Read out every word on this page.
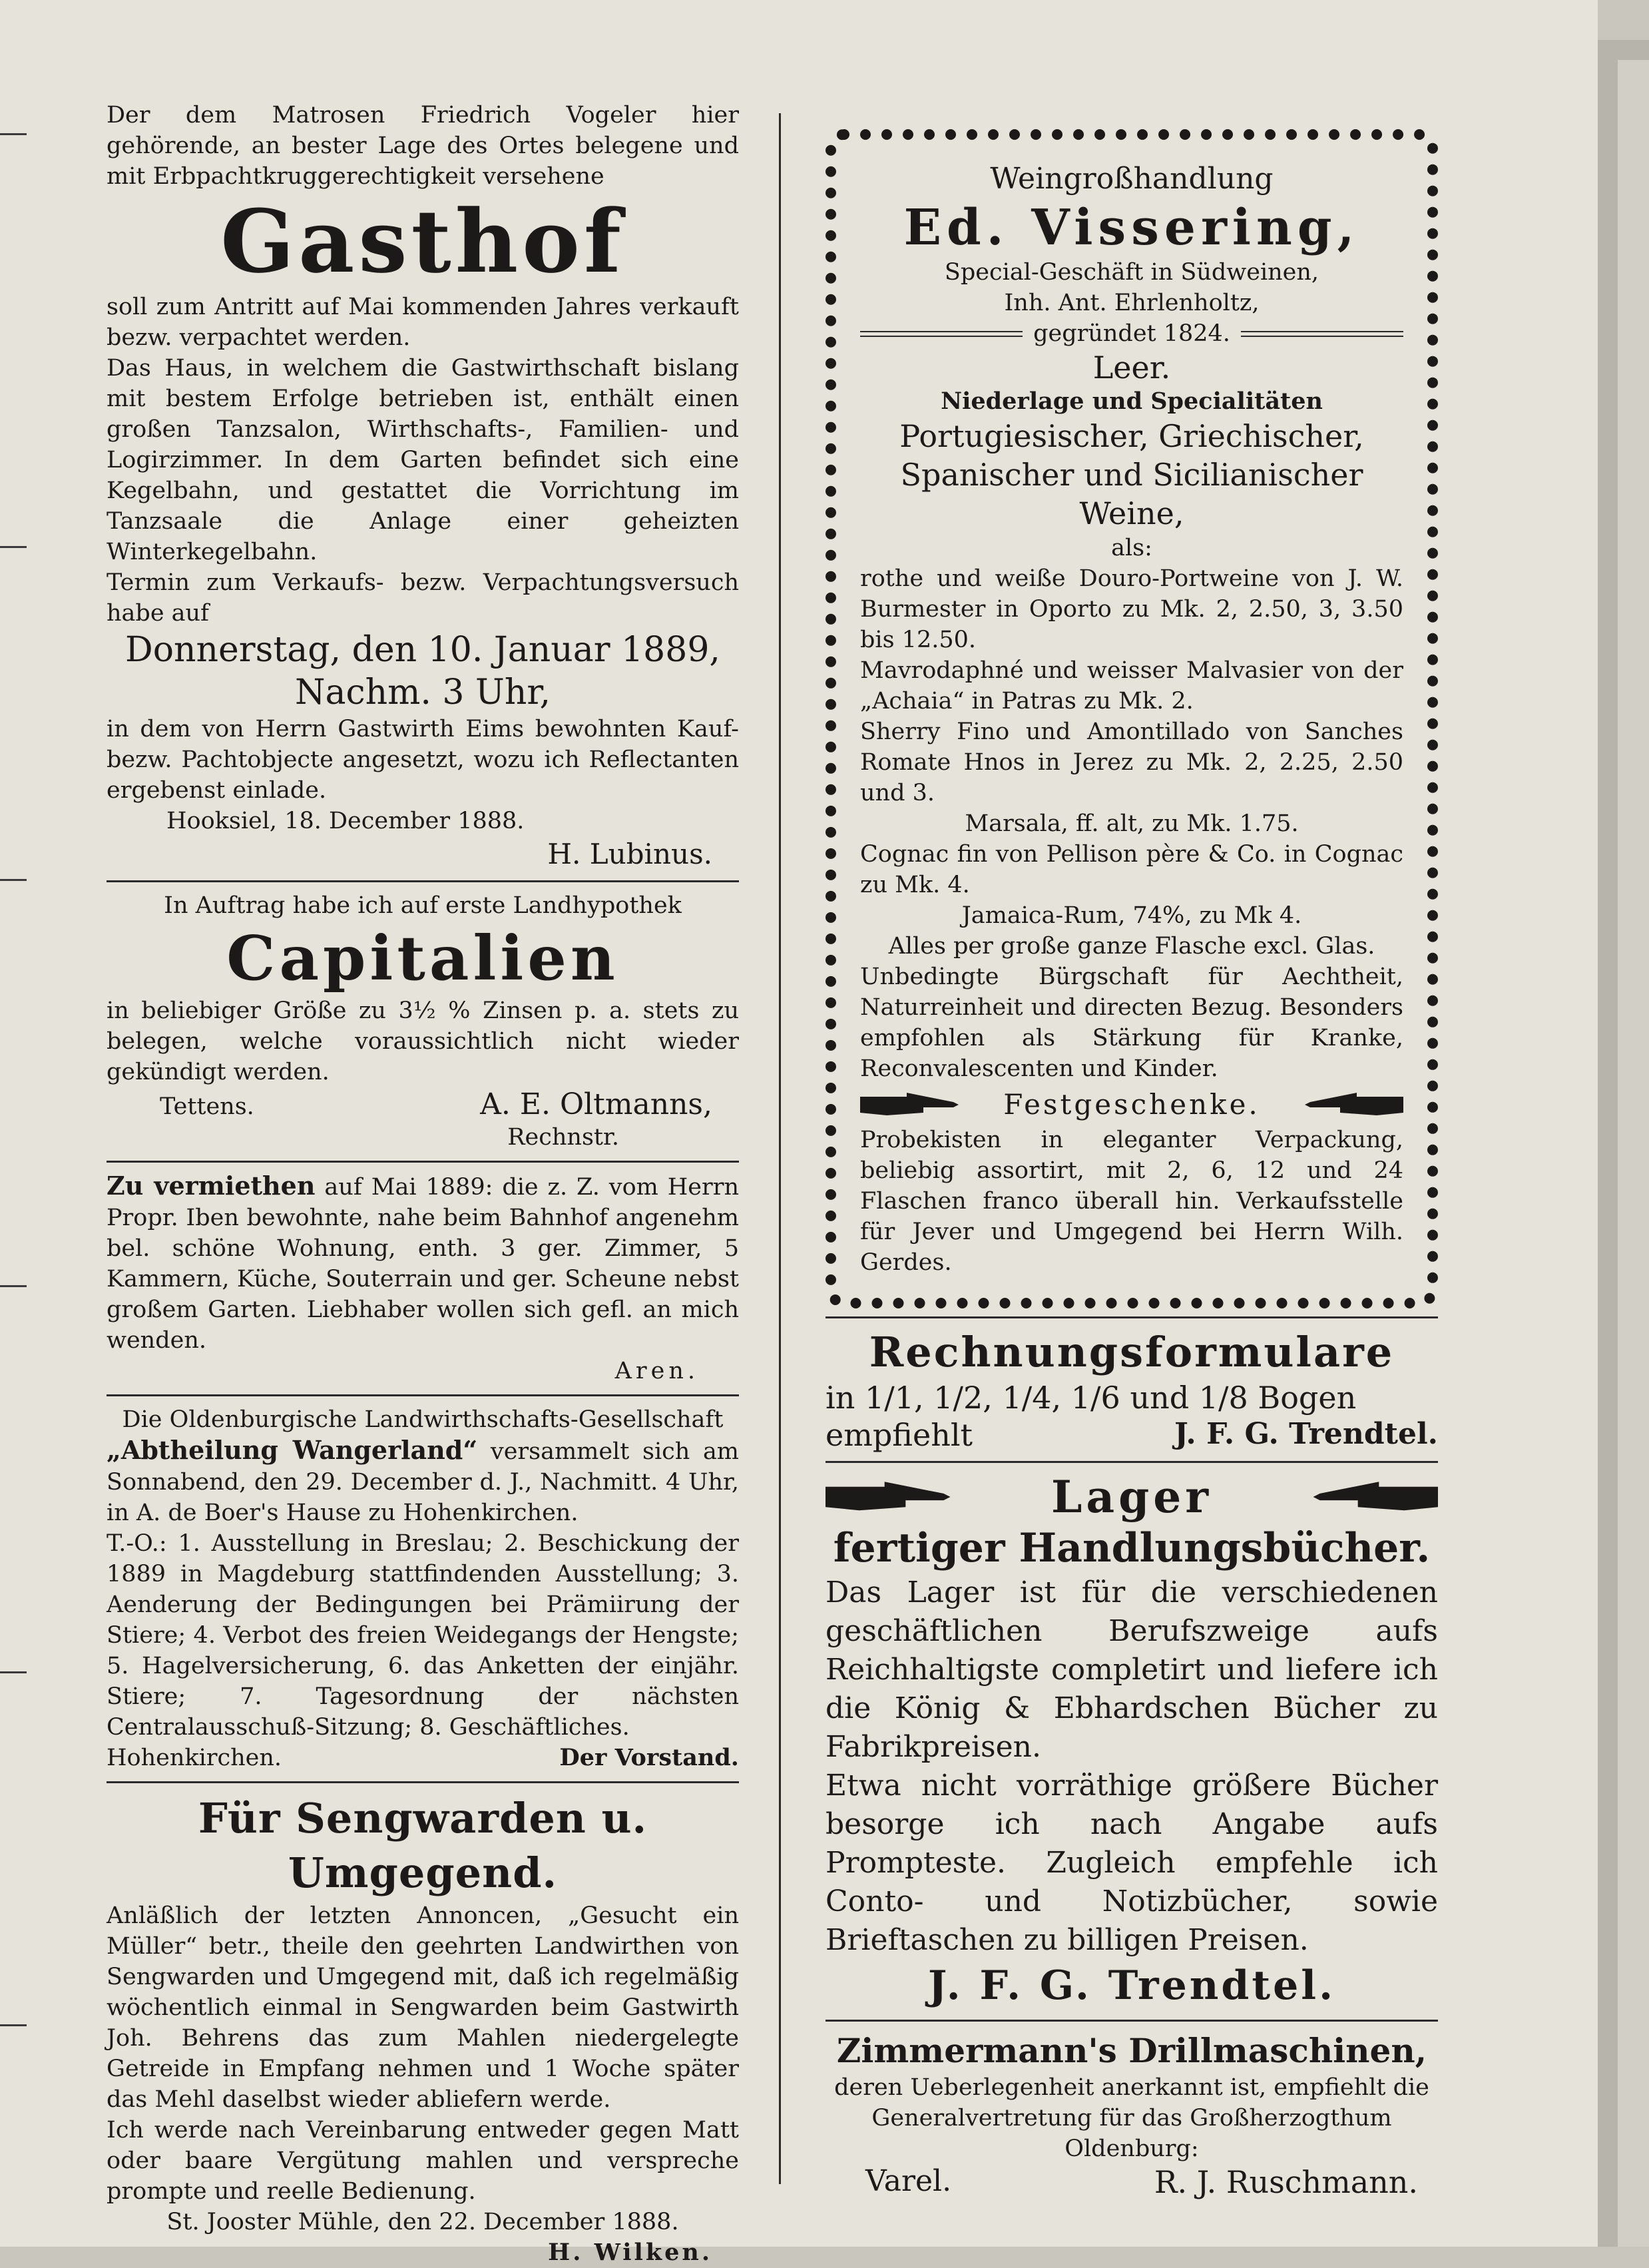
Der dem Matrosen Friedrich Vogeler hier gehörende, an bester Lage des Ortes belegene und mit Erbpachtkruggerechtigkeit versehene

Gasthof

soll zum Antritt auf Mai kommenden Jahres verkauft bezw. verpachtet werden.

Das Haus, in welchem die Gastwirthschaft bislang mit bestem Erfolge betrieben ist, enthält einen großen Tanzsalon, Wirthschafts-, Familien- und Logirzimmer. In dem Garten befindet sich eine Kegelbahn, und gestattet die Vorrichtung im Tanzsaale die Anlage einer geheizten Winterkegelbahn.

Termin zum Verkaufs- bezw. Verpachtungsversuch habe auf

Donnerstag, den 10. Januar 1889,

Nachm. 3 Uhr,

in dem von Herrn Gastwirth Eims bewohnten Kauf- bezw. Pachtobjecte angesetzt, wozu ich Reflectanten ergebenst einlade.

Hooksiel, 18. December 1888.

H. Lubinus.

In Auftrag habe ich auf erste Landhypothek

Capitalien

in beliebiger Größe zu 3½ % Zinsen p. a. stets zu belegen, welche voraussichtlich nicht wieder gekündigt werden.

Tettens.	A. E. Oltmanns,

Rechnstr.

Zu vermiethen auf Mai 1889: die z. Z. vom Herrn Propr. Iben bewohnte, nahe beim Bahnhof angenehm bel. schöne Wohnung, enth. 3 ger. Zimmer, 5 Kammern, Küche, Souterrain und ger. Scheune nebst großem Garten. Liebhaber wollen sich gefl. an mich wenden.

Aren.

Die Oldenburgische Landwirthschafts-Gesellschaft

„Abtheilung Wangerland“ versammelt sich am Sonnabend, den 29. December d. J., Nachmitt. 4 Uhr, in A. de Boer's Hause zu Hohenkirchen.

T.-O.: 1. Ausstellung in Breslau; 2. Beschickung der 1889 in Magdeburg stattfindenden Ausstellung; 3. Aenderung der Bedingungen bei Prämiirung der Stiere; 4. Verbot des freien Weidegangs der Hengste; 5. Hagelversicherung, 6. das Anketten der einjähr. Stiere; 7. Tagesordnung der nächsten Centralausschuß-Sitzung; 8. Geschäftliches.

Hohenkirchen.	Der Vorstand.

Für Sengwarden u. Umgegend.

Anläßlich der letzten Annoncen, „Gesucht ein Müller“ betr., theile den geehrten Landwirthen von Sengwarden und Umgegend mit, daß ich regelmäßig wöchentlich einmal in Sengwarden beim Gastwirth Joh. Behrens das zum Mahlen niedergelegte Getreide in Empfang nehmen und 1 Woche später das Mehl daselbst wieder abliefern werde.

Ich werde nach Vereinbarung entweder gegen Matt oder baare Vergütung mahlen und verspreche prompte und reelle Bedienung.

St. Jooster Mühle, den 22. December 1888.

H. Wilken.

Weingroßhandlung

Ed. Vissering,

Special-Geschäft in Südweinen,

Inh. Ant. Ehrlenholtz,

gegründet 1824.

Leer.

Niederlage und Specialitäten

Portugiesischer, Griechischer, Spanischer und Sicilianischer Weine,

als:

rothe und weiße Douro-Portweine von J. W. Burmester in Oporto zu Mk. 2, 2.50, 3, 3.50 bis 12.50.

Mavrodaphné und weisser Malvasier von der „Achaia“ in Patras zu Mk. 2.

Sherry Fino und Amontillado von Sanches Romate Hnos in Jerez zu Mk. 2, 2.25, 2.50 und 3.

Marsala, ff. alt, zu Mk. 1.75.

Cognac fin von Pellison père & Co. in Cognac zu Mk. 4.

Jamaica-Rum, 74%, zu Mk 4.

Alles per große ganze Flasche excl. Glas.

Unbedingte Bürgschaft für Aechtheit, Naturreinheit und directen Bezug. Besonders empfohlen als Stärkung für Kranke, Reconvalescenten und Kinder.

Festgeschenke.

Probekisten in eleganter Verpackung, beliebig assortirt, mit 2, 6, 12 und 24 Flaschen franco überall hin. Verkaufsstelle für Jever und Umgegend bei Herrn Wilh. Gerdes.

Rechnungsformulare

in 1/1, 1/2, 1/4, 1/6 und 1/8 Bogen

empfiehlt	J. F. G. Trendtel.
Lager

fertiger Handlungsbücher.

Das Lager ist für die verschiedenen geschäftlichen Berufszweige aufs Reichhaltigste completirt und liefere ich die König & Ebhardschen Bücher zu Fabrikpreisen.

Etwa nicht vorräthige größere Bücher besorge ich nach Angabe aufs Prompteste. Zugleich empfehle ich Conto- und Notizbücher, sowie Brieftaschen zu billigen Preisen.

J. F. G. Trendtel.

Zimmermann's Drillmaschinen,

deren Ueberlegenheit anerkannt ist, empfiehlt die Generalvertretung für das Großherzogthum Oldenburg:

Varel.	R. J. Ruschmann.
